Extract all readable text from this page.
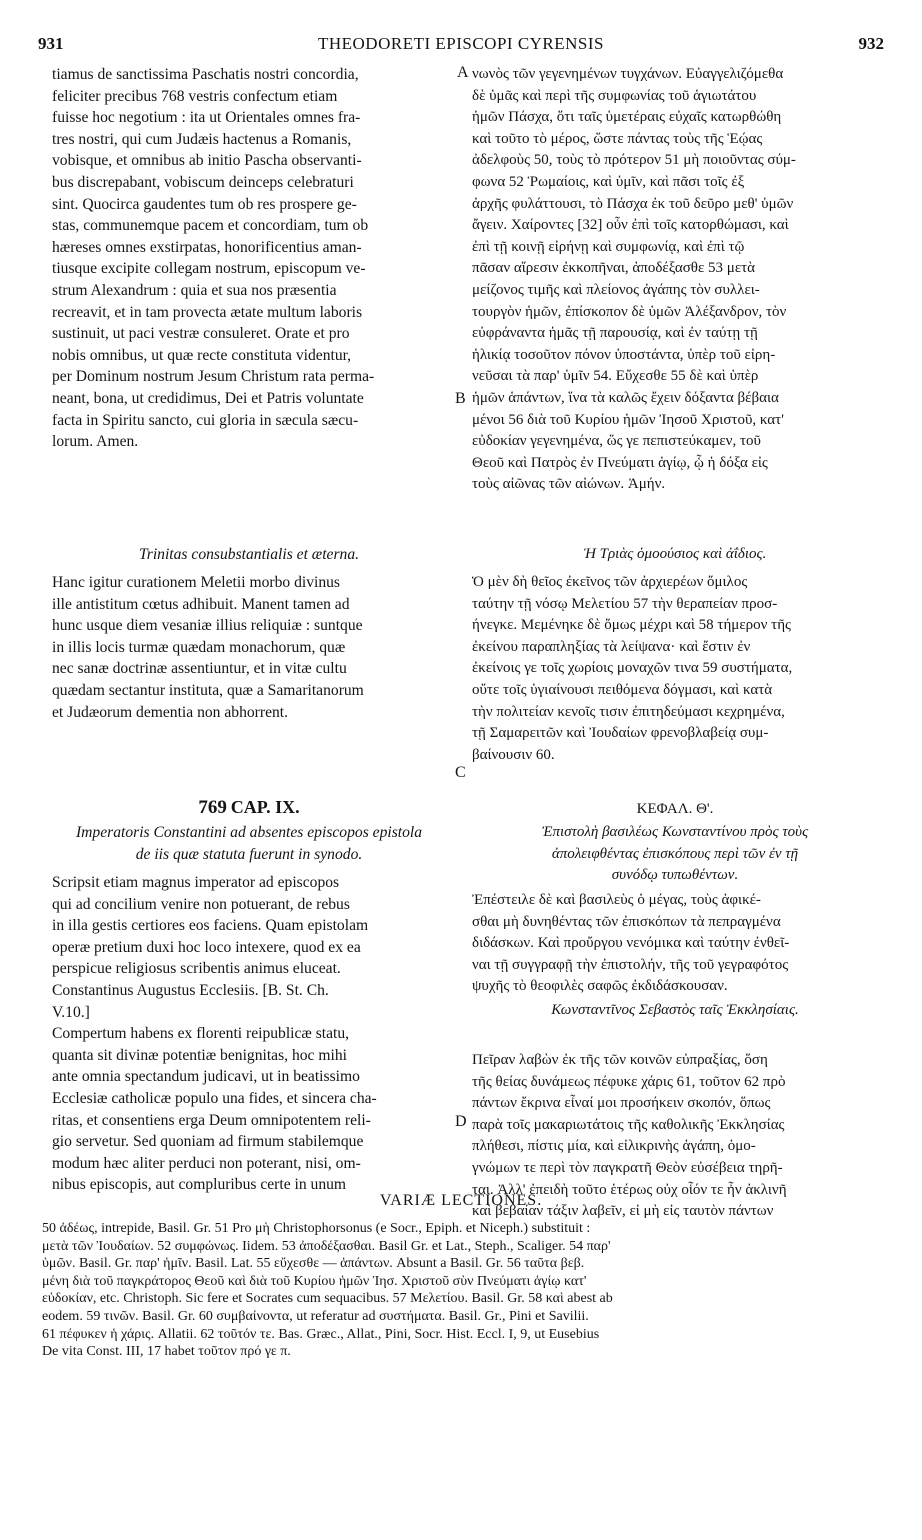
931	THEODORETI EPISCOPI CYRENSIS	932
tiamus de sanctissima Paschatis nostri concordia,
feliciter precibus 768 vestris confectum etiam
fuisse hoc negotium : ita ut Orientales omnes fra-
tres nostri, qui cum Judæis hactenus a Romanis,
vobisque, et omnibus ab initio Pascha observanti-
bus discrepabant, vobiscum deinceps celebraturi
sint. Quocirca gaudentes tum ob res prospere ge-
stas, communemque pacem et concordiam, tum ob
hæreses omnes exstirpatas, honorificentius aman-
tiusque excipite collegam nostrum, episcopum ve-
strum Alexandrum : quia et sua nos præsentia
recreavit, et in tam provecta ætate multum laboris
sustinuit, ut paci vestræ consuleret. Orate et pro
nobis omnibus, ut quæ recte constituta videntur,
per Dominum nostrum Jesum Christum rata perma-
neant, bona, ut credidimus, Dei et Patris voluntate
facta in Spiritu sancto, cui gloria in sæcula sæcu-
lorum. Amen.
Trinitas consubstantialis et æterna.
Hanc igitur curationem Meletii morbo divinus
ille antistitum cœtus adhibuit. Manent tamen ad
hunc usque diem vesaniæ illius reliquiæ : suntque
in illis locis turmæ quædam monachorum, quæ
nec sanæ doctrinæ assentiuntur, et in vitæ cultu
quædam sectantur instituta, quæ a Samaritanorum
et Judæorum dementia non abhorrent.
769 CAP. IX.
Imperatoris Constantini ad absentes episcopos epistola
de iis quæ statuta fuerunt in synodo.
Scripsit etiam magnus imperator ad episcopos
qui ad concilium venire non potuerant, de rebus
in illa gestis certiores eos faciens. Quam epistolam
operæ pretium duxi hoc loco intexere, quod ex ea
perspicue religiosus scribentis animus eluceat.
Constantinus Augustus Ecclesiis. [B. St. Ch.
V.10.]
Compertum habens ex florenti reipublicæ statu,
quanta sit divinæ potentiæ benignitas, hoc mihi
ante omnia spectandum judicavi, ut in beatissimo
Ecclesiæ catholicæ populo una fides, et sincera cha-
ritas, et consentiens erga Deum omnipotentem reli-
gio servetur. Sed quoniam ad firmum stabilemque
modum hæc aliter perduci non poterant, nisi, om-
nibus episcopis, aut compluribus certe in unum
νωνὸς τῶν γεγενημένων τυγχάνων. Εὐαγγελιζόμεθα
δὲ ὑμᾶς καὶ περὶ τῆς συμφωνίας τοῦ ἁγιωτάτου
ἡμῶν Πάσχα, ὅτι ταῖς ὑμετέραις εὐχαῖς κατωρθώθη
καὶ τοῦτο τὸ μέρος, ὥστε πάντας τοὺς τῆς Ἑῴας
ἀδελφοὺς 50, τοὺς τὸ πρότερον 51 μὴ ποιοῦντας σύμ-
φωνα 52 Ῥωμαίοις, καὶ ὑμῖν, καὶ πᾶσι τοῖς ἐξ
ἀρχῆς φυλάττουσι, τὸ Πάσχα ἐκ τοῦ δεῦρο μεθ' ὑμῶν
ἄγειν. Χαίροντες [32] οὖν ἐπὶ τοῖς κατορθώμασι, καὶ
ἐπὶ τῇ κοινῇ εἰρήνῃ καὶ συμφωνίᾳ, καὶ ἐπὶ τῷ
πᾶσαν αἵρεσιν ἐκκοπῆναι, ἀποδέξασθε 53 μετὰ
μείζονος τιμῆς καὶ πλείονος ἀγάπης τὸν συλλει-
τουργὸν ἡμῶν, ἐπίσκοπον δὲ ὑμῶν Ἀλέξανδρον, τὸν
εὐφράναντα ἡμᾶς τῇ παρουσίᾳ, καὶ ἐν ταύτῃ τῇ
ἡλικίᾳ τοσοῦτον πόνον ὑποστάντα, ὑπὲρ τοῦ εἰρη-
νεῦσαι τὰ παρ' ὑμῖν 54. Εὔχεσθε 55 δὲ καὶ ὑπὲρ
ἡμῶν ἁπάντων, ἵνα τὰ καλῶς ἔχειν δόξαντα βέβαια
μένοι 56 διὰ τοῦ Κυρίου ἡμῶν Ἰησοῦ Χριστοῦ, κατ'
εὐδοκίαν γεγενημένα, ὥς γε πεπιστεύκαμεν, τοῦ
Θεοῦ καὶ Πατρὸς ἐν Πνεύματι ἁγίῳ, ᾧ ἡ δόξα εἰς
τοὺς αἰῶνας τῶν αἰώνων. Ἀμήν.
Ἡ Τριὰς ὁμοούσιος καὶ ἀΐδιος.
Ὁ μὲν δὴ θεῖος ἐκεῖνος τῶν ἀρχιερέων ὅμιλος
ταύτην τῇ νόσῳ Μελετίου 57 τὴν θεραπείαν προσ-
ήνεγκε. Μεμένηκε δὲ ὅμως μέχρι καὶ 58 τήμερον τῆς
ἐκείνου παραπληξίας τὰ λείψανα· καὶ ἔστιν ἐν
ἐκείνοις γε τοῖς χωρίοις μοναχῶν τινα 59 συστήματα,
οὔτε τοῖς ὑγιαίνουσι πειθόμενα δόγμασι, καὶ κατὰ
τὴν πολιτείαν κενοῖς τισιν ἐπιτηδεύμασι κεχρημένα,
τῇ Σαμαρειτῶν καὶ Ἰουδαίων φρενοβλαβείᾳ συμ-
βαίνουσιν 60.
ΚΕΦΑΛ. Θ'.
Ἐπιστολὴ βασιλέως Κωνσταντίνου πρὸς τοὺς
ἀπολειφθέντας ἐπισκόπους περὶ τῶν ἐν τῇ
συνόδῳ τυπωθέντων.
Ἐπέστειλε δὲ καὶ βασιλεὺς ὁ μέγας, τοὺς ἀφικέ-
σθαι μὴ δυνηθέντας τῶν ἐπισκόπων τὰ πεπραγμένα
διδάσκων. Καὶ προὔργου νενόμικα καὶ ταύτην ἐνθεῖ-
ναι τῇ συγγραφῇ τὴν ἐπιστολήν, τῆς τοῦ γεγραφότος
ψυχῆς τὸ θεοφιλὲς σαφῶς ἐκδιδάσκουσαν.
Κωνσταντῖνος Σεβαστὸς ταῖς Ἐκκλησίαις.
Πεῖραν λαβὼν ἐκ τῆς τῶν κοινῶν εὐπραξίας, ὅση
τῆς θείας δυνάμεως πέφυκε χάρις 61, τοῦτον 62 πρὸ
πάντων ἔκρινα εἶναί μοι προσήκειν σκοπόν, ὅπως
παρὰ τοῖς μακαριωτάτοις τῆς καθολικῆς Ἐκκλησίας
πλήθεσι, πίστις μία, καὶ εἰλικρινὴς ἀγάπη, ὁμο-
γνώμων τε περὶ τὸν παγκρατῆ Θεὸν εὐσέβεια τηρῆ-
ται. Ἀλλ' ἐπειδὴ τοῦτο ἑτέρως οὐχ οἷόν τε ἦν ἀκλινῆ
καὶ βεβαίαν τάξιν λαβεῖν, εἰ μὴ εἰς ταυτὸν πάντων
A
B
C
D
VARIÆ LECTIONES.
50 ἀδέως, intrepide, Basil. Gr. 51 Pro μὴ Christophorsonus (e Socr., Epiph. et Niceph.) substituit :
μετὰ τῶν Ἰουδαίων. 52 συμφώνως. Iidem. 53 ἀποδέξασθαι. Basil Gr. et Lat., Steph., Scaliger. 54 παρ'
ὑμῶν. Basil. Gr. παρ' ἡμῖν. Basil. Lat. 55 εὔχεσθε — ἁπάντων. Absunt a Basil. Gr. 56 ταῦτα βεβ.
μένη διὰ τοῦ παγκράτορος Θεοῦ καὶ διὰ τοῦ Κυρίου ἡμῶν Ἰησ. Χριστοῦ σὺν Πνεύματι ἁγίῳ κατ'
εὐδοκίαν, etc. Christoph. Sic fere et Socrates cum sequacibus. 57 Μελετίου. Basil. Gr. 58 καὶ abest ab
eodem. 59 τινῶν. Basil. Gr. 60 συμβαίνοντα, ut referatur ad συστήματα. Basil. Gr., Pini et Savilii.
61 πέφυκεν ἡ χάρις. Allatii. 62 τοῦτόν τε. Bas. Græc., Allat., Pini, Socr. Hist. Eccl. I, 9, ut Eusebius
De vita Const. III, 17 habet τοῦτον πρό γε π.
